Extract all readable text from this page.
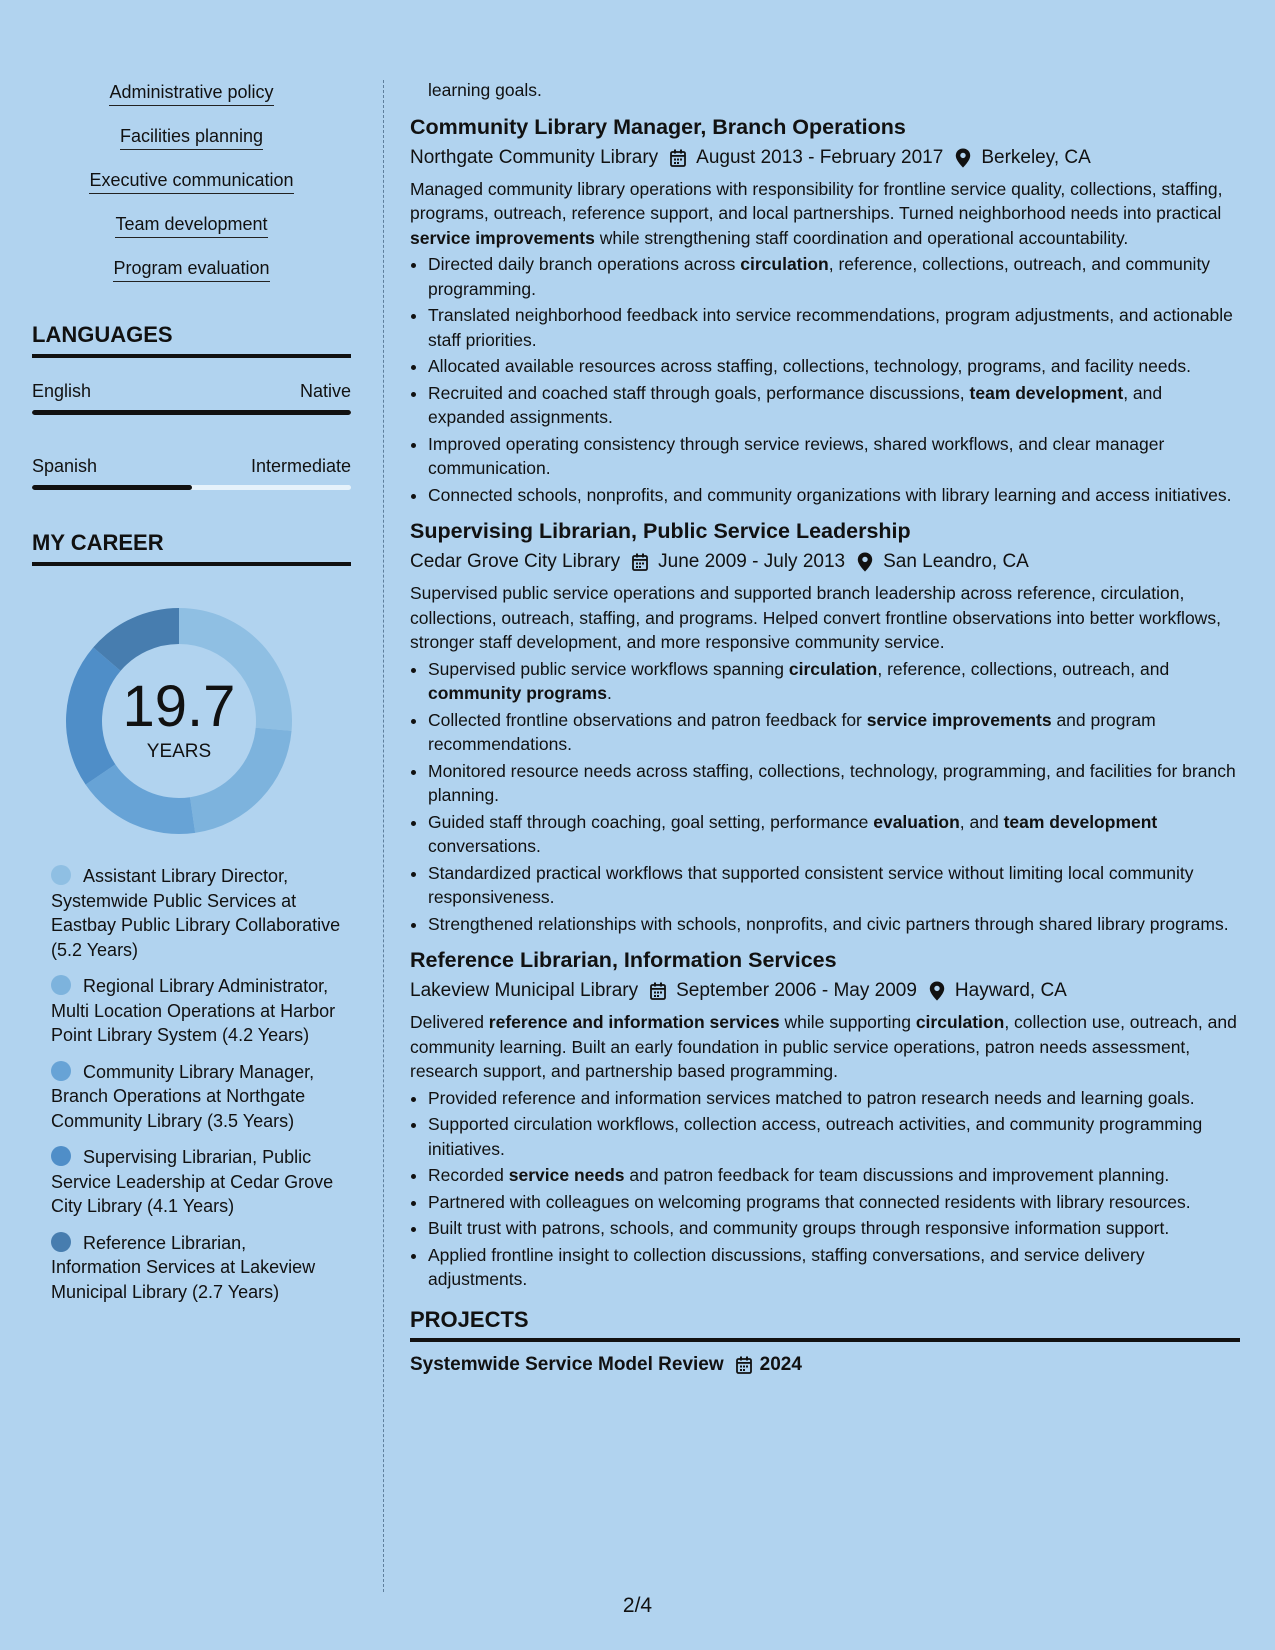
Administrative policy
Facilities planning
Executive communication
Team development
Program evaluation
LANGUAGES
English	Native
Spanish	Intermediate
MY CAREER
19.7
YEARS
Assistant Library Director, Systemwide Public Services at Eastbay Public Library Collaborative (5.2 Years)
Regional Library Administrator, Multi Location Operations at Harbor Point Library System (4.2 Years)
Community Library Manager, Branch Operations at Northgate Community Library (3.5 Years)
Supervising Librarian, Public Service Leadership at Cedar Grove City Library (4.1 Years)
Reference Librarian, Information Services at Lakeview Municipal Library (2.7 Years)
learning goals.
Community Library Manager, Branch Operations
Northgate Community Library August 2013 - February 2017 Berkeley, CA

Managed community library operations with responsibility for frontline service quality, collections, staffing, programs, outreach, reference support, and local partnerships. Turned neighborhood needs into practical service improvements while strengthening staff coordination and operational accountability.

• Directed daily branch operations across circulation, reference, collections, outreach, and community programming.
• Translated neighborhood feedback into service recommendations, program adjustments, and actionable staff priorities.
• Allocated available resources across staffing, collections, technology, programs, and facility needs.
• Recruited and coached staff through goals, performance discussions, team development, and expanded assignments.
• Improved operating consistency through service reviews, shared workflows, and clear manager communication.
• Connected schools, nonprofits, and community organizations with library learning and access initiatives.
Supervising Librarian, Public Service Leadership
Cedar Grove City Library June 2009 - July 2013 San Leandro, CA

Supervised public service operations and supported branch leadership across reference, circulation, collections, outreach, staffing, and programs. Helped convert frontline observations into better workflows, stronger staff development, and more responsive community service.

• Supervised public service workflows spanning circulation, reference, collections, outreach, and community programs.
• Collected frontline observations and patron feedback for service improvements and program recommendations.
• Monitored resource needs across staffing, collections, technology, programming, and facilities for branch planning.
• Guided staff through coaching, goal setting, performance evaluation, and team development conversations.
• Standardized practical workflows that supported consistent service without limiting local community responsiveness.
• Strengthened relationships with schools, nonprofits, and civic partners through shared library programs.
Reference Librarian, Information Services
Lakeview Municipal Library September 2006 - May 2009 Hayward, CA

Delivered reference and information services while supporting circulation, collection use, outreach, and community learning. Built an early foundation in public service operations, patron needs assessment, research support, and partnership based programming.

• Provided reference and information services matched to patron research needs and learning goals.
• Supported circulation workflows, collection access, outreach activities, and community programming initiatives.
• Recorded service needs and patron feedback for team discussions and improvement planning.
• Partnered with colleagues on welcoming programs that connected residents with library resources.
• Built trust with patrons, schools, and community groups through responsive information support.
• Applied frontline insight to collection discussions, staffing conversations, and service delivery adjustments.
PROJECTS
Systemwide Service Model Review 2024
2/4
